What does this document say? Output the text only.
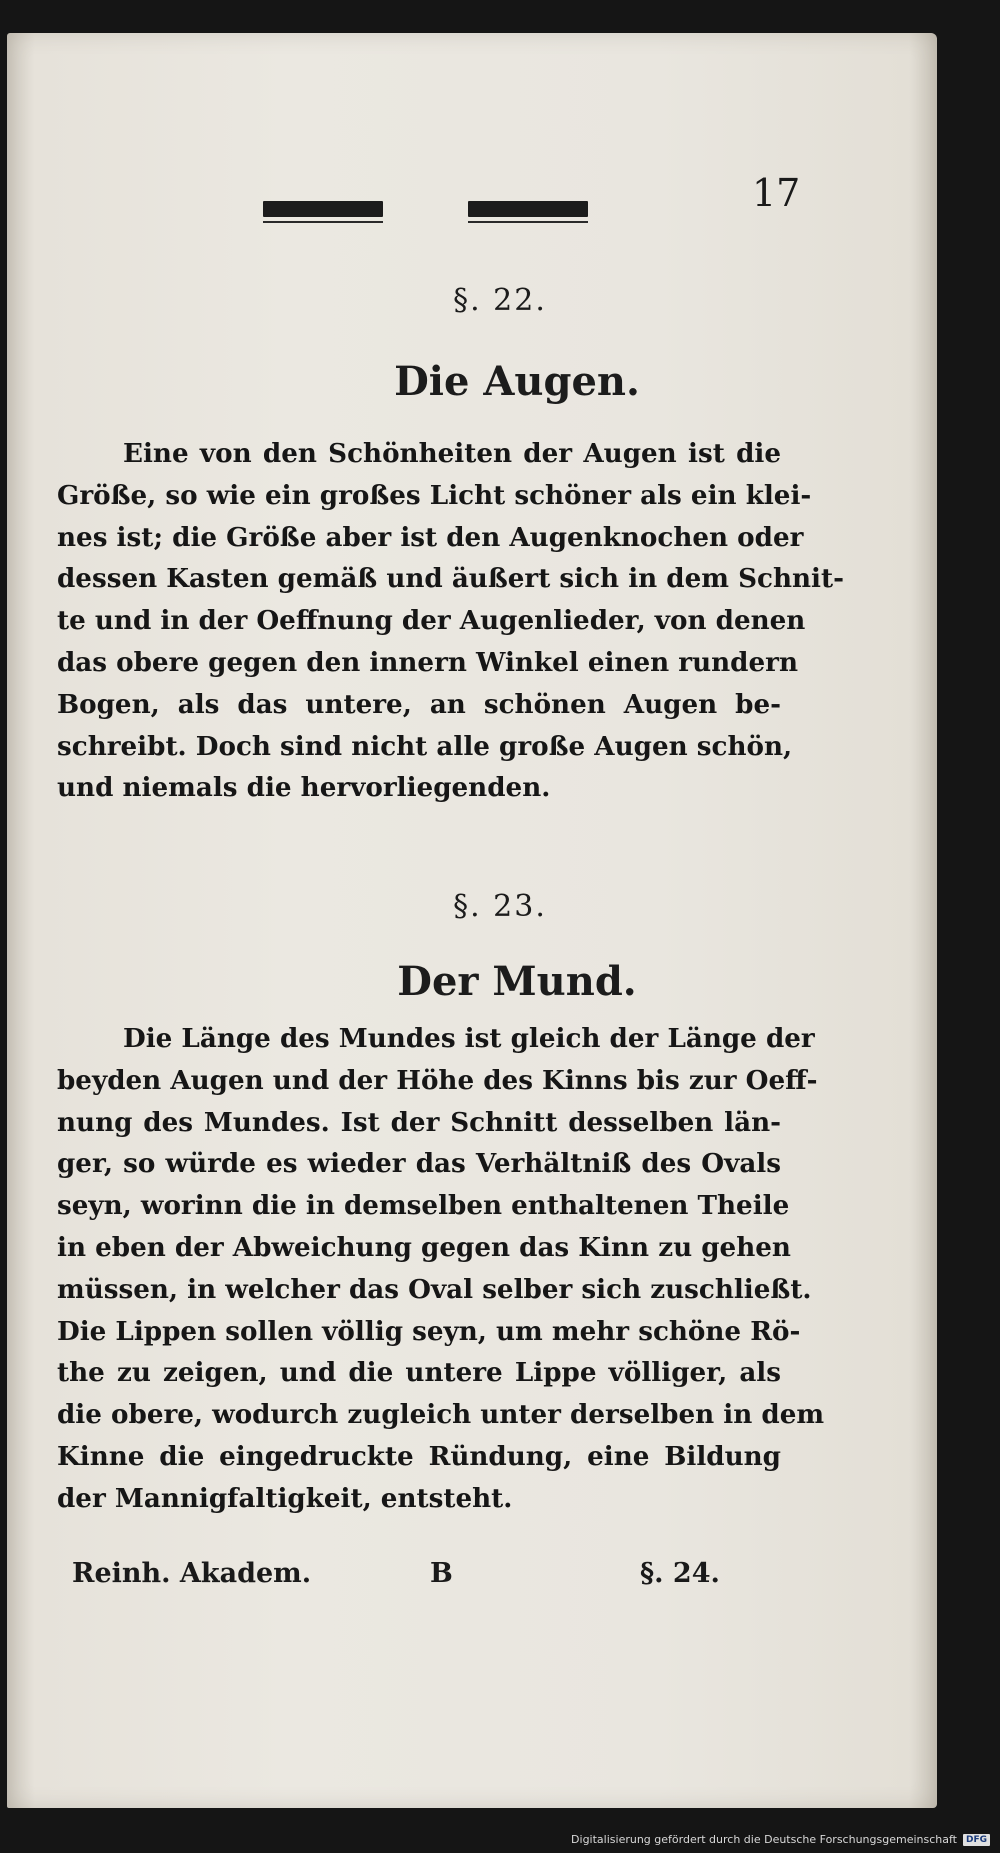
17

§. 22.

Die Augen.
Eine von den Schönheiten der Augen ist die
Größe, so wie ein großes Licht schöner als ein klei-
nes ist; die Größe aber ist den Augenknochen oder
dessen Kasten gemäß und äußert sich in dem Schnit-
te und in der Oeffnung der Augenlieder, von denen
das obere gegen den innern Winkel einen rundern
Bogen, als das untere, an schönen Augen be-
schreibt. Doch sind nicht alle große Augen schön,
und niemals die hervorliegenden.

§. 23.

Der Mund.
Die Länge des Mundes ist gleich der Länge der
beyden Augen und der Höhe des Kinns bis zur Oeff-
nung des Mundes. Ist der Schnitt desselben län-
ger, so würde es wieder das Verhältniß des Ovals
seyn, worinn die in demselben enthaltenen Theile
in eben der Abweichung gegen das Kinn zu gehen
müssen, in welcher das Oval selber sich zuschließt.
Die Lippen sollen völlig seyn, um mehr schöne Rö-
the zu zeigen, und die untere Lippe völliger, als
die obere, wodurch zugleich unter derselben in dem
Kinne die eingedruckte Ründung, eine Bildung
der Mannigfaltigkeit, entsteht.

Reinh. Akadem.	B	§. 24.

Digitalisierung gefördert durch die Deutsche Forschungsgemeinschaft	DFG
